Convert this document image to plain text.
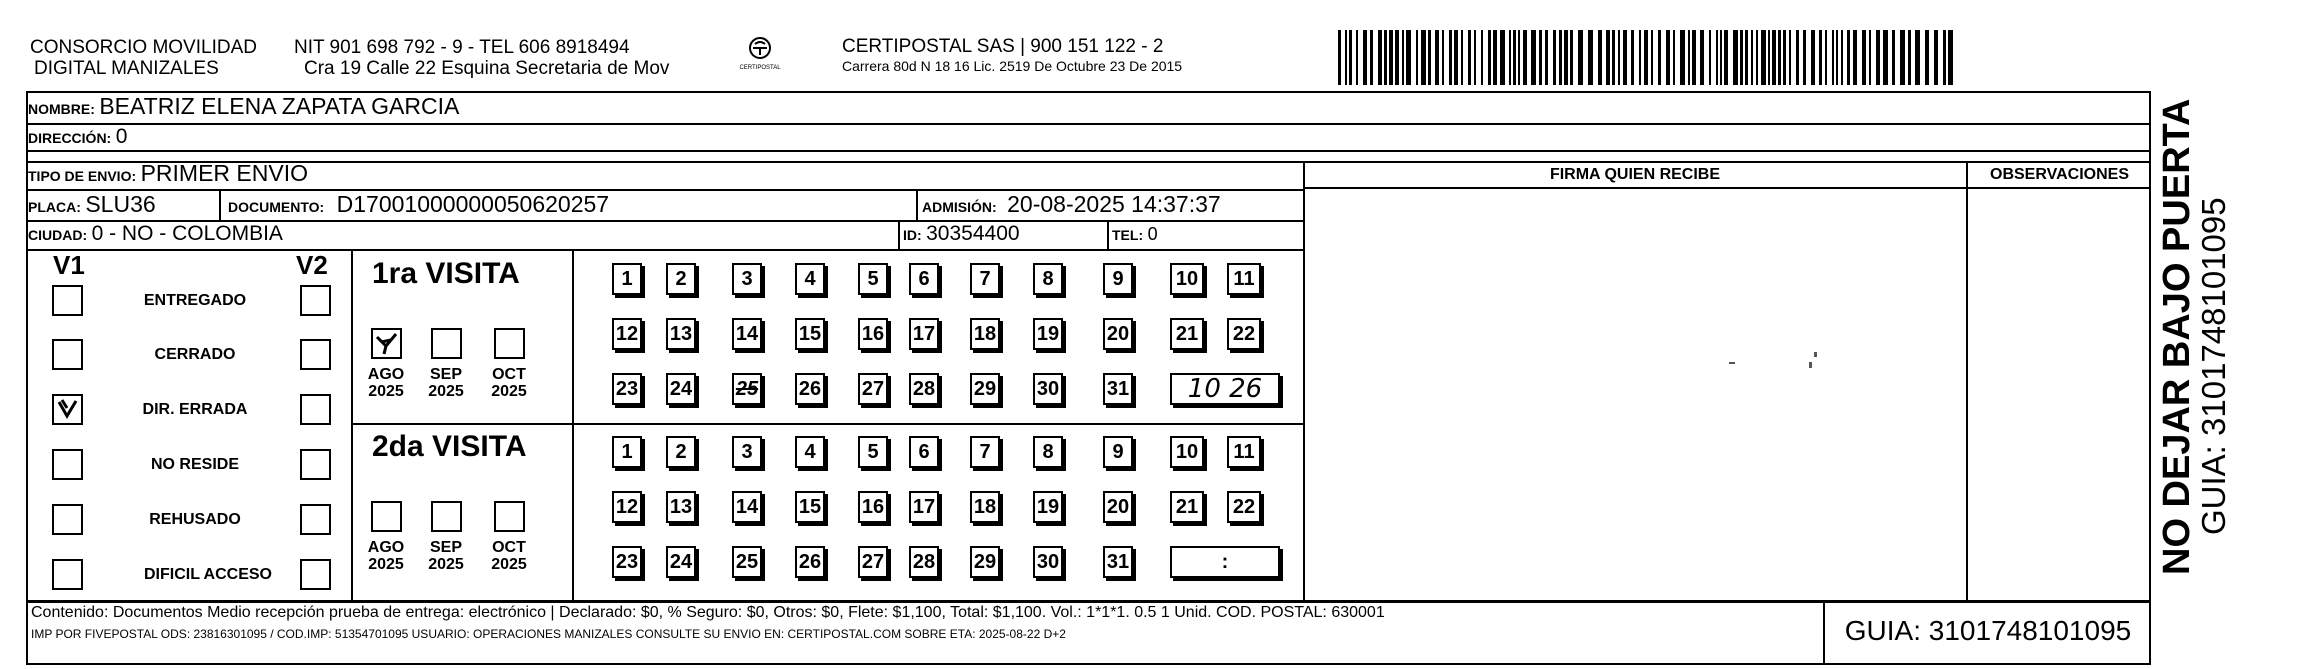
CONSORCIO MOVILIDAD
DIGITAL MANIZALES
NIT 901 698 792 - 9 - TEL 606 8918494
Cra 19 Calle 22 Esquina Secretaria de Mov	CERTIPOSTAL
CERTIPOSTAL SAS | 900 151 122 - 2
Carrera 80d N 18 16 Lic. 2519 De Octubre 23 De 2015
NOMBRE: BEATRIZ ELENA ZAPATA GARCIA
DIRECCIÓN: 0
TIPO DE ENVIO: PRIMER ENVIO
PLACA: SLU36	DOCUMENTO: D17001000000050620257	ADMISIÓN: 20-08-2025 14:37:37
CIUDAD: 0 - NO - COLOMBIA	ID: 30354400	TEL: 0
FIRMA QUIEN RECIBE	OBSERVACIONES
V1	V2
ENTREGADO
CERRADO
DIR. ERRADA
NO RESIDE
REHUSADO
DIFICIL ACCESO
1ra VISITA
2da VISITA
AGO
2025
SEP
2025
OCT
2025
1	2	3	4	5	6	7	8	9	10	11
12 13 14 15 16 17 18 19 20 21 22
23 24 25 26 27 28 29 30 31	10 26
AGO
2025
SEP
2025
OCT
2025
1	2	3	4	5	6	7	8	9	10	11
12 13 14 15 16 17 18 19 20 21 22
23 24 25 26 27 28 29 30 31	:	NO DEJAR BAJO PUERTA
GUIA: 3101748101095
Contenido: Documentos Medio recepción prueba de entrega: electrónico | Declarado: $0, % Seguro: $0, Otros: $0, Flete: $1,100, Total: $1,100. Vol.: 1*1*1. 0.5 1 Unid. COD. POSTAL: 630001
IMP POR FIVEPOSTAL ODS: 23816301095 / COD.IMP: 51354701095 USUARIO: OPERACIONES MANIZALES CONSULTE SU ENVIO EN: CERTIPOSTAL.COM SOBRE ETA: 2025-08-22 D+2	GUIA: 3101748101095
